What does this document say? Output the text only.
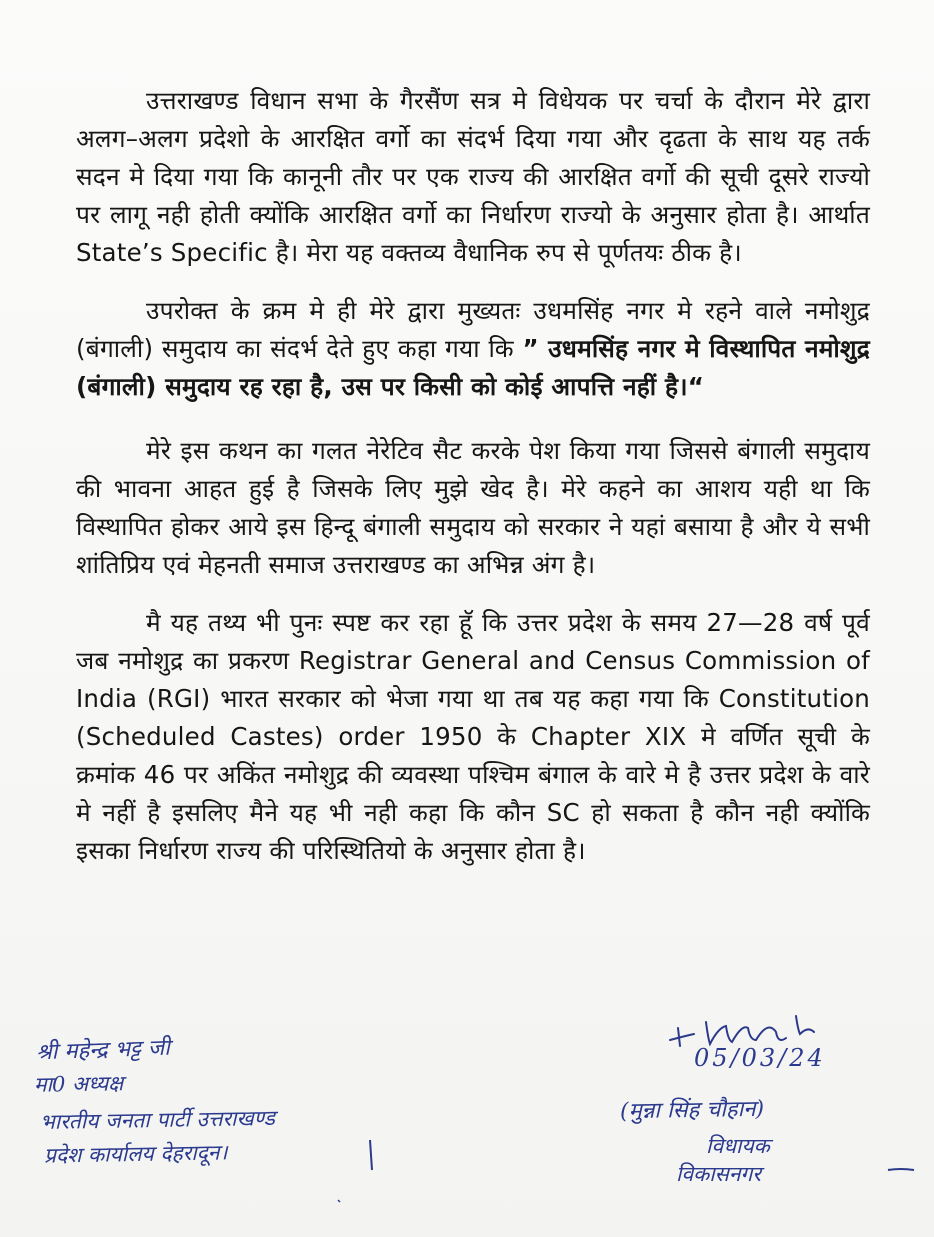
उत्तराखण्ड विधान सभा के गैरसैंण सत्र मे विधेयक पर चर्चा के दौरान मेरे द्वारा अलग–अलग प्रदेशो के आरक्षित वर्गो का संदर्भ दिया गया और दृढता के साथ यह तर्क सदन मे दिया गया कि कानूनी तौर पर एक राज्य की आरक्षित वर्गो की सूची दूसरे राज्यो पर लागू नही होती क्योंकि आरक्षित वर्गो का निर्धारण राज्यो के अनुसार होता है। आर्थात State’s Specific है। मेरा यह वक्तव्य वैधानिक रुप से पूर्णतयः ठीक है।

उपरोक्त के क्रम मे ही मेरे द्वारा मुख्यतः उधमसिंह नगर मे रहने वाले नमोशुद्र (बंगाली) समुदाय का संदर्भ देते हुए कहा गया कि ” उधमसिंह नगर मे विस्थापित नमोशुद्र (बंगाली) समुदाय रह रहा है, उस पर किसी को कोई आपत्ति नहीं है।“

मेरे इस कथन का गलत नेरेटिव सैट करके पेश किया गया जिससे बंगाली समुदाय की भावना आहत हुई है जिसके लिए मुझे खेद है। मेरे कहने का आशय यही था कि विस्थापित होकर आये इस हिन्दू बंगाली समुदाय को सरकार ने यहां बसाया है और ये सभी शांतिप्रिय एवं मेहनती समाज उत्तराखण्ड का अभिन्न अंग है।

मै यह तथ्य भी पुनः स्पष्ट कर रहा हूॅ कि उत्तर प्रदेश के समय 27—28 वर्ष पूर्व जब नमोशुद्र का प्रकरण Registrar General and Census Commission of India (RGI) भारत सरकार को भेजा गया था तब यह कहा गया कि Constitution (Scheduled Castes) order 1950 के Chapter XIX मे वर्णित सूची के क्रमांक 46 पर अकिंत नमोशुद्र की व्यवस्था पश्चिम बंगाल के वारे मे है उत्तर प्रदेश के वारे मे नहीं है इसलिए मैने यह भी नही कहा कि कौन SC हो सकता है कौन नही क्योंकि इसका निर्धारण राज्य की परिस्थितियो के अनुसार होता है।

श्री महेन्द्र भट्ट जी
मा0 अध्यक्ष
भारतीय जनता पार्टी उत्तराखण्ड
प्रदेश कार्यालय देहरादून।
05/03/24
(मुन्ना सिंह चौहान)
विधायक
विकासनगर
